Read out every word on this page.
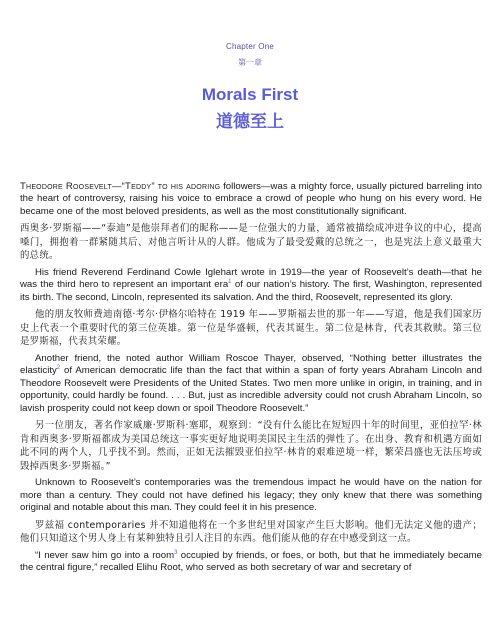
Chapter One
第一章
Morals First
道德至上

Theodore Roosevelt—“Teddy” to his adoring followers—was a mighty force, usually pictured barreling into the heart of controversy, raising his voice to embrace a crowd of people who hung on his every word. He became one of the most beloved presidents, as well as the most constitutionally significant.

西奥多·罗斯福——“泰迪”是他崇拜者们的昵称——是一位强大的力量，通常被描绘成冲进争议的中心，提高嗓门，拥抱着一群紧随其后、对他言听计从的人群。他成为了最受爱戴的总统之一，也是宪法上意义最重大的总统。

His friend Reverend Ferdinand Cowle Iglehart wrote in 1919—the year of Roosevelt’s death—that he was the third hero to represent an important era$^1$ of our nation’s history. The first, Washington, represented its birth. The second, Lincoln, represented its salvation. And the third, Roosevelt, represented its glory.

他的朋友牧师费迪南德·考尔·伊格尔哈特在 1919 年——罗斯福去世的那一年——写道，他是我们国家历史上代表一个重要时代的第三位英雄。第一位是华盛顿，代表其诞生。第二位是林肯，代表其救赎。第三位是罗斯福，代表其荣耀。

Another friend, the noted author William Roscoe Thayer, observed, “Nothing better illustrates the elasticity$^2$ of American democratic life than the fact that within a span of forty years Abraham Lincoln and Theodore Roosevelt were Presidents of the United States. Two men more unlike in origin, in training, and in opportunity, could hardly be found. . . . But, just as incredible adversity could not crush Abraham Lincoln, so lavish prosperity could not keep down or spoil Theodore Roosevelt.”

另一位朋友，著名作家威廉·罗斯科·塞耶，观察到：“没有什么能比在短短四十年的时间里，亚伯拉罕·林肯和西奥多·罗斯福都成为美国总统这一事实更好地说明美国民主生活的弹性了。在出身、教育和机遇方面如此不同的两个人，几乎找不到。然而，正如无法摧毁亚伯拉罕·林肯的艰难逆境一样，繁荣昌盛也无法压垮或毁掉西奥多·罗斯福。”

Unknown to Roosevelt’s contemporaries was the tremendous impact he would have on the nation for more than a century. They could not have defined his legacy; they only knew that there was something original and notable about this man. They could feel it in his presence.

罗兹福 contemporaries 并不知道他将在一个多世纪里对国家产生巨大影响。他们无法定义他的遗产；他们只知道这个男人身上有某种独特且引人注目的东西。他们能从他的存在中感受到这一点。

“I never saw him go into a room$^3$ occupied by friends, or foes, or both, but that he immediately became the central figure,” recalled Elihu Root, who served as both secretary of war and secretary of
